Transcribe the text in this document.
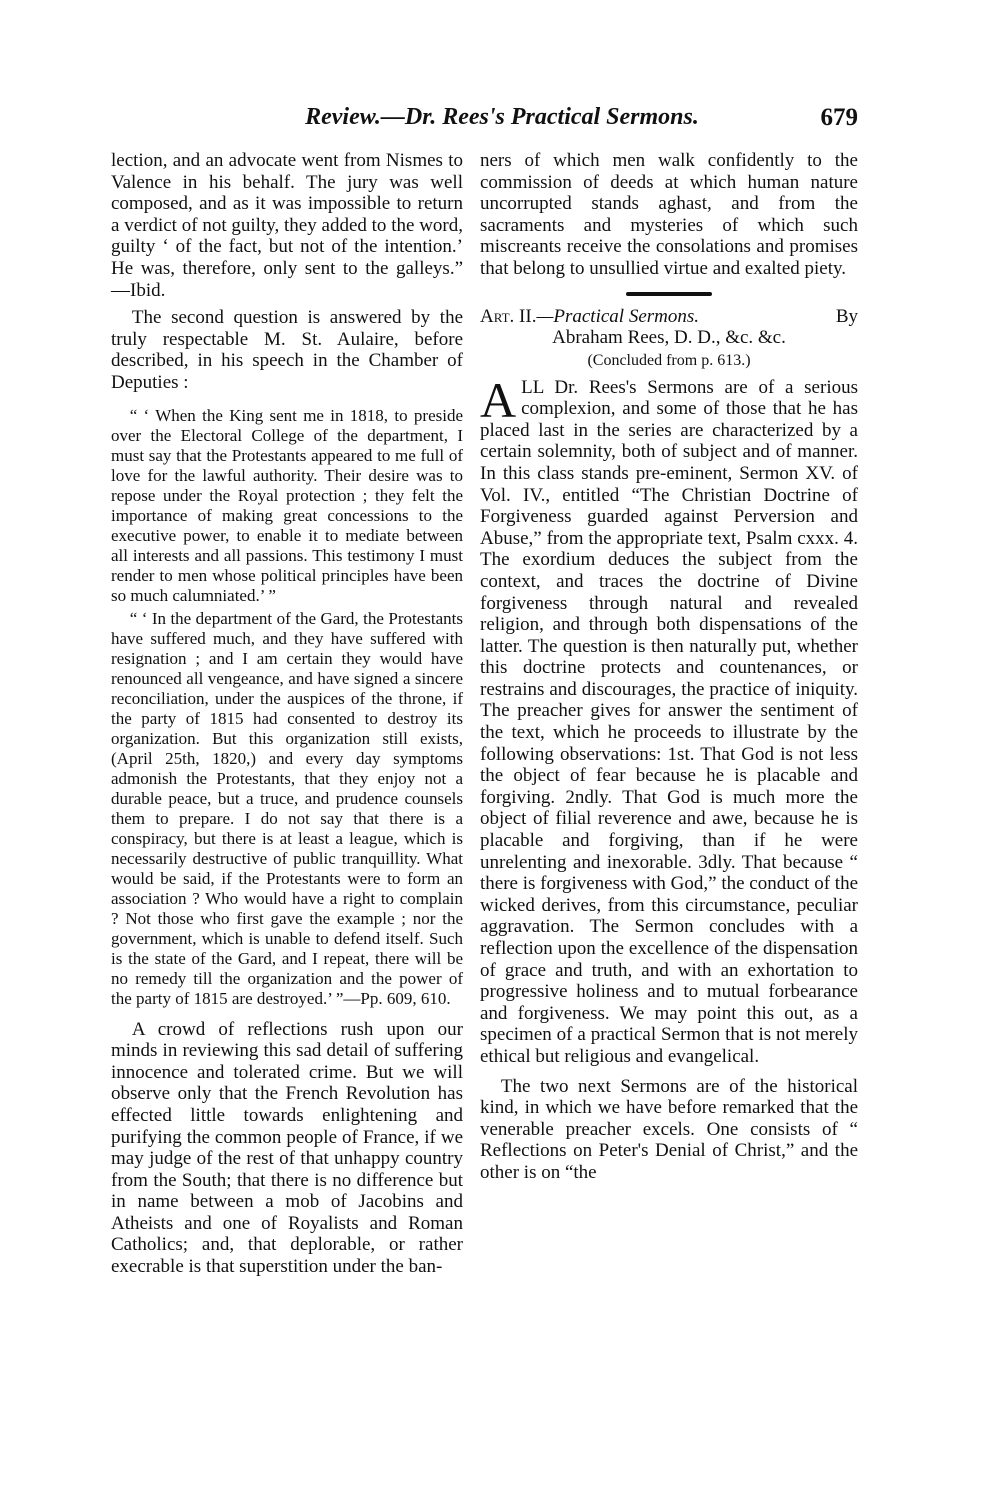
Review.—Dr. Rees's Practical Sermons.	679

lection, and an advocate went from Nismes to Valence in his behalf. The jury was well composed, and as it was impossible to return a verdict of not guilty, they added to the word, guilty ‘ of the fact, but not of the intention.’ He was, therefore, only sent to the galleys.” —Ibid.

The second question is answered by the truly respectable M. St. Aulaire, before described, in his speech in the Chamber of Deputies :

“ ‘ When the King sent me in 1818, to preside over the Electoral College of the department, I must say that the Protestants appeared to me full of love for the lawful authority. Their desire was to repose under the Royal protection ; they felt the importance of making great concessions to the executive power, to enable it to mediate between all interests and all passions. This testimony I must render to men whose political principles have been so much calumniated.’ ”

“ ‘ In the department of the Gard, the Protestants have suffered much, and they have suffered with resignation ; and I am certain they would have renounced all vengeance, and have signed a sincere reconciliation, under the auspices of the throne, if the party of 1815 had consented to destroy its organization. But this organization still exists, (April 25th, 1820,) and every day symptoms admonish the Protestants, that they enjoy not a durable peace, but a truce, and prudence counsels them to prepare. I do not say that there is a conspiracy, but there is at least a league, which is necessarily destructive of public tranquillity. What would be said, if the Protestants were to form an association ? Who would have a right to complain ? Not those who first gave the example ; nor the government, which is unable to defend itself. Such is the state of the Gard, and I repeat, there will be no remedy till the organization and the power of the party of 1815 are destroyed.’ ”—Pp. 609, 610.

A crowd of reflections rush upon our minds in reviewing this sad detail of suffering innocence and tolerated crime. But we will observe only that the French Revolution has effected little towards enlightening and purifying the common people of France, if we may judge of the rest of that unhappy country from the South; that there is no difference but in name between a mob of Jacobins and Atheists and one of Royalists and Roman Catholics; and, that deplorable, or rather execrable is that superstition under the ban-

ners of which men walk confidently to the commission of deeds at which human nature uncorrupted stands aghast, and from the sacraments and mysteries of which such miscreants receive the consolations and promises that belong to unsullied virtue and exalted piety.

Art. II.—Practical Sermons.	By
Abraham Rees, D. D., &c. &c.
(Concluded from p. 613.)

ALL Dr. Rees's Sermons are of a serious complexion, and some of those that he has placed last in the series are characterized by a certain solemnity, both of subject and of manner. In this class stands pre-eminent, Sermon XV. of Vol. IV., entitled “The Christian Doctrine of Forgiveness guarded against Perversion and Abuse,” from the appropriate text, Psalm cxxx. 4. The exordium deduces the subject from the context, and traces the doctrine of Divine forgiveness through natural and revealed religion, and through both dispensations of the latter. The question is then naturally put, whether this doctrine protects and countenances, or restrains and discourages, the practice of iniquity. The preacher gives for answer the sentiment of the text, which he proceeds to illustrate by the following observations: 1st. That God is not less the object of fear because he is placable and forgiving. 2ndly. That God is much more the object of filial reverence and awe, because he is placable and forgiving, than if he were unrelenting and inexorable. 3dly. That because “ there is forgiveness with God,” the conduct of the wicked derives, from this circumstance, peculiar aggravation. The Sermon concludes with a reflection upon the excellence of the dispensation of grace and truth, and with an exhortation to progressive holiness and to mutual forbearance and forgiveness. We may point this out, as a specimen of a practical Sermon that is not merely ethical but religious and evangelical.

The two next Sermons are of the historical kind, in which we have before remarked that the venerable preacher excels. One consists of “ Reflections on Peter's Denial of Christ,” and the other is on “the
